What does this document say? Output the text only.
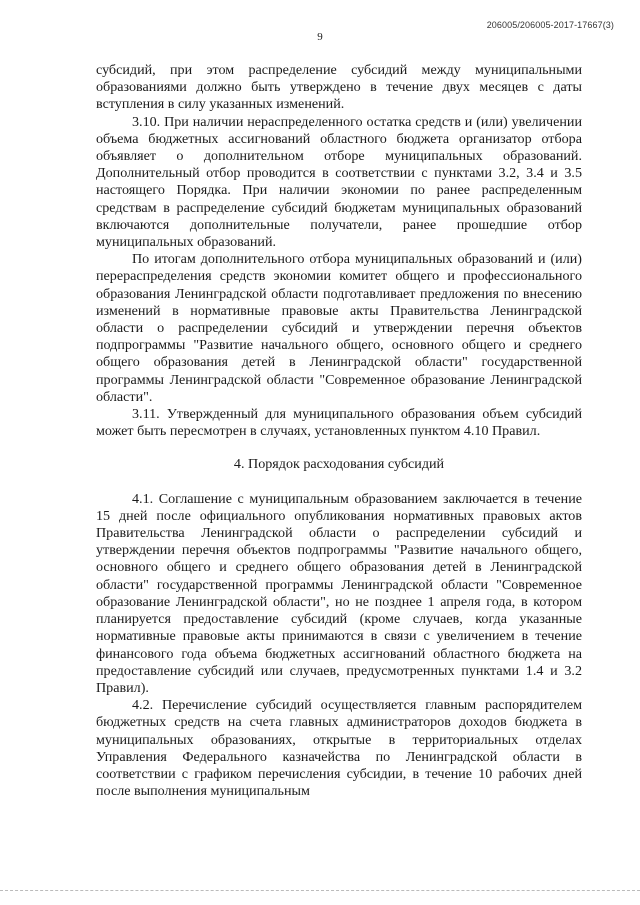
206005/206005-2017-17667(3)
9

субсидий, при этом распределение субсидий между муниципальными образованиями должно быть утверждено в течение двух месяцев с даты вступления в силу указанных изменений.

3.10. При наличии нераспределенного остатка средств и (или) увеличении объема бюджетных ассигнований областного бюджета организатор отбора объявляет о дополнительном отборе муниципальных образований. Дополнительный отбор проводится в соответствии с пунктами 3.2, 3.4 и 3.5 настоящего Порядка. При наличии экономии по ранее распределенным средствам в распределение субсидий бюджетам муниципальных образований включаются дополнительные получатели, ранее прошедшие отбор муниципальных образований.

По итогам дополнительного отбора муниципальных образований и (или) перераспределения средств экономии комитет общего и профессионального образования Ленинградской области подготавливает предложения по внесению изменений в нормативные правовые акты Правительства Ленинградской области о распределении субсидий и утверждении перечня объектов подпрограммы "Развитие начального общего, основного общего и среднего общего образования детей в Ленинградской области" государственной программы Ленинградской области "Современное образование Ленинградской области".

3.11. Утвержденный для муниципального образования объем субсидий может быть пересмотрен в случаях, установленных пунктом 4.10 Правил.

4. Порядок расходования субсидий

4.1. Соглашение с муниципальным образованием заключается в течение 15 дней после официального опубликования нормативных правовых актов Правительства Ленинградской области о распределении субсидий и утверждении перечня объектов подпрограммы "Развитие начального общего, основного общего и среднего общего образования детей в Ленинградской области" государственной программы Ленинградской области "Современное образование Ленинградской области", но не позднее 1 апреля года, в котором планируется предоставление субсидий (кроме случаев, когда указанные нормативные правовые акты принимаются в связи с увеличением в течение финансового года объема бюджетных ассигнований областного бюджета на предоставление субсидий или случаев, предусмотренных пунктами 1.4 и 3.2 Правил).

4.2. Перечисление субсидий осуществляется главным распорядителем бюджетных средств на счета главных администраторов доходов бюджета в муниципальных образованиях, открытые в территориальных отделах Управления Федерального казначейства по Ленинградской области в соответствии с графиком перечисления субсидии, в течение 10 рабочих дней после выполнения муниципальным
